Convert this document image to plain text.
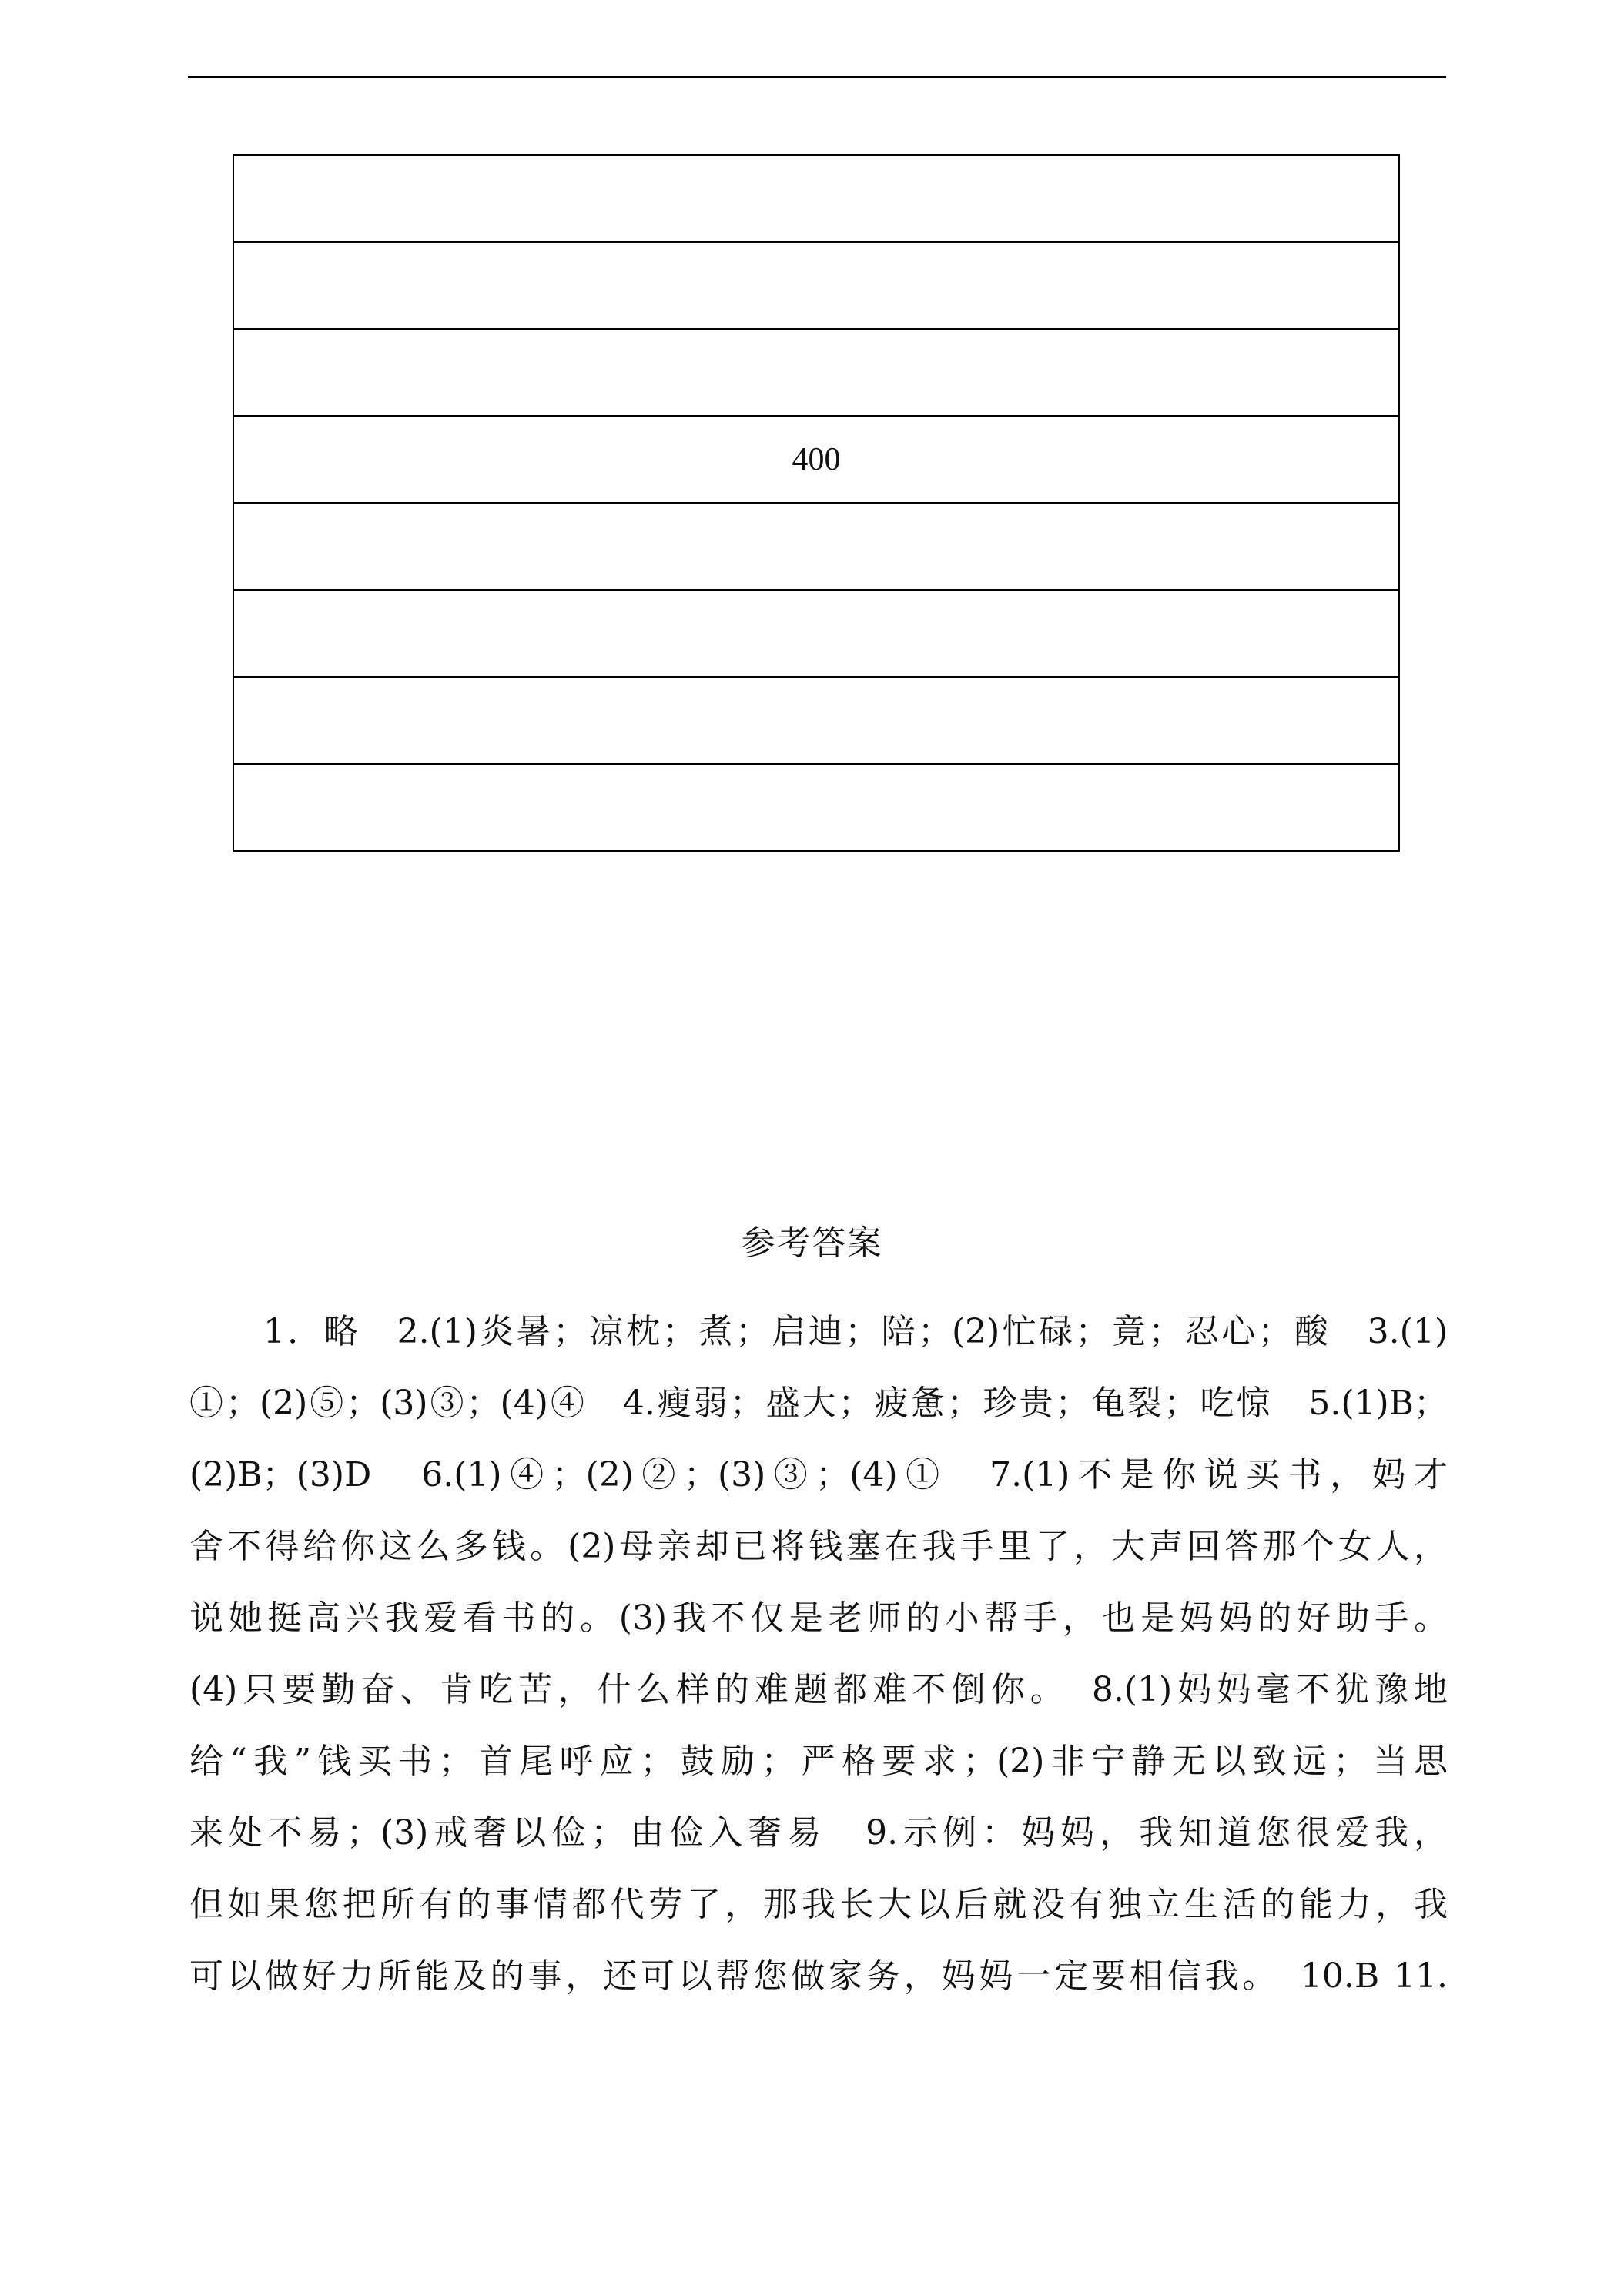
400

参考答案
1．略　2.(1)炎暑；凉枕；煮；启迪；陪；(2)忙碌；竟；忍心；酸　3.(1)
①；(2)⑤；(3)③；(4)④　4.瘦弱；盛大；疲惫；珍贵；龟裂；吃惊　5.(1)B；
(2)B；(3)D　6.(1)④；(2)②；(3)③；(4)①　7.(1)不是你说买书，妈才
舍不得给你这么多钱。(2)母亲却已将钱塞在我手里了，大声回答那个女人，
说她挺高兴我爱看书的。(3)我不仅是老师的小帮手，也是妈妈的好助手。
(4)只要勤奋、肯吃苦，什么样的难题都难不倒你。　8.(1)妈妈毫不犹豫地
给“我”钱买书；首尾呼应；鼓励；严格要求；(2)非宁静无以致远；当思
来处不易；(3)戒奢以俭；由俭入奢易　9.示例：妈妈，我知道您很爱我，
但如果您把所有的事情都代劳了，那我长大以后就没有独立生活的能力，我
可以做好力所能及的事，还可以帮您做家务，妈妈一定要相信我。　10.B 11.
